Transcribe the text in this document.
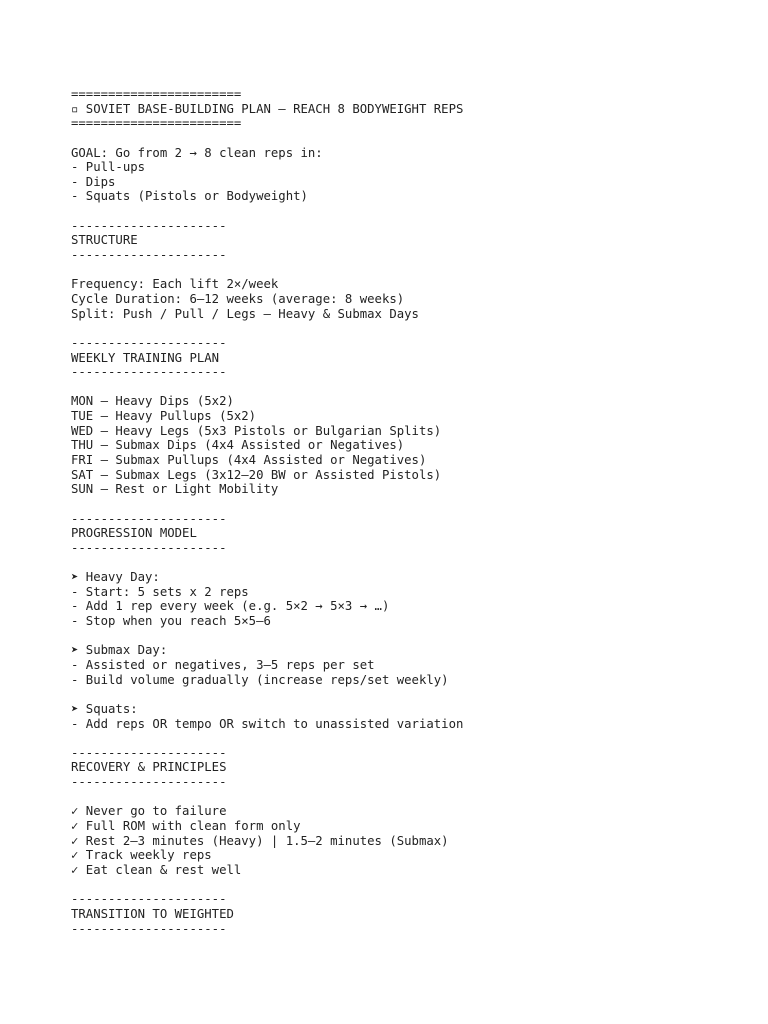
=======================
▫ SOVIET BASE-BUILDING PLAN – REACH 8 BODYWEIGHT REPS
=======================
GOAL: Go from 2 → 8 clean reps in:
- Pull-ups
- Dips
- Squats (Pistols or Bodyweight)
---------------------
STRUCTURE
---------------------
Frequency: Each lift 2×/week
Cycle Duration: 6–12 weeks (average: 8 weeks)
Split: Push / Pull / Legs – Heavy & Submax Days
---------------------
WEEKLY TRAINING PLAN
---------------------
MON – Heavy Dips (5x2)
TUE – Heavy Pullups (5x2)
WED – Heavy Legs (5x3 Pistols or Bulgarian Splits)
THU – Submax Dips (4x4 Assisted or Negatives)
FRI – Submax Pullups (4x4 Assisted or Negatives)
SAT – Submax Legs (3x12–20 BW or Assisted Pistols)
SUN – Rest or Light Mobility
---------------------
PROGRESSION MODEL
---------------------
➤ Heavy Day:
- Start: 5 sets x 2 reps
- Add 1 rep every week (e.g. 5×2 → 5×3 → …)
- Stop when you reach 5×5–6
➤ Submax Day:
- Assisted or negatives, 3–5 reps per set
- Build volume gradually (increase reps/set weekly)
➤ Squats:
- Add reps OR tempo OR switch to unassisted variation
---------------------
RECOVERY & PRINCIPLES
---------------------
✓ Never go to failure
✓ Full ROM with clean form only
✓ Rest 2–3 minutes (Heavy) | 1.5–2 minutes (Submax)
✓ Track weekly reps
✓ Eat clean & rest well
---------------------
TRANSITION TO WEIGHTED
---------------------
